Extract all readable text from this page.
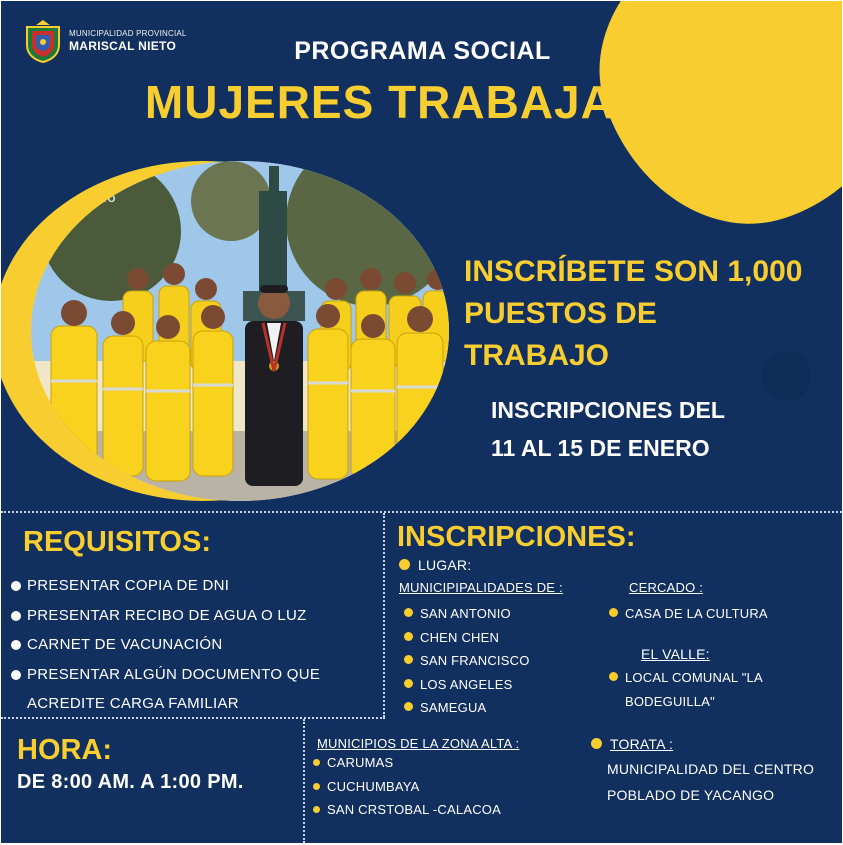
MUNICIPALIDAD PROVINCIAL
MARISCAL NIETO	PROGRAMA SOCIAL
MUJERES TRABAJANDO
ETO
INSCRÍBETE SON 1,000
PUESTOS DE
TRABAJO
INSCRIPCIONES DEL
11 AL 15 DE ENERO
REQUISITOS:
PRESENTAR COPIA DE DNI
PRESENTAR RECIBO DE AGUA O LUZ
CARNET DE VACUNACIÓN
PRESENTAR ALGÚN DOCUMENTO QUE
ACREDITE CARGA FAMILIAR
HORA:
DE 8:00 AM. A 1:00 PM.
INSCRIPCIONES:
LUGAR:
MUNICIPIPALIDADES DE :
SAN ANTONIO
CHEN CHEN
SAN FRANCISCO
LOS ANGELES
SAMEGUA
CERCADO :
CASA DE LA CULTURA
EL VALLE:
LOCAL COMUNAL "LA
BODEGUILLA"
MUNICIPIOS DE LA ZONA ALTA :
CARUMAS
CUCHUMBAYA
SAN CRSTOBAL -CALACOA
TORATA :
MUNICIPALIDAD DEL CENTRO
POBLADO DE YACANGO
